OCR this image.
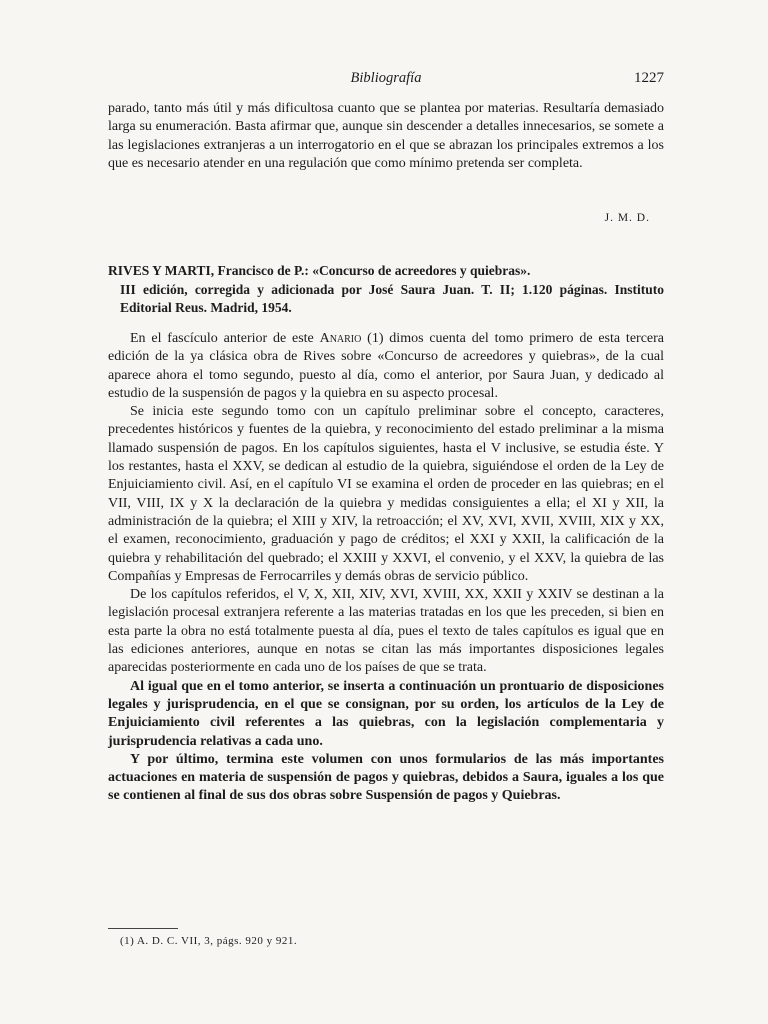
Bibliografía	1227

parado, tanto más útil y más dificultosa cuanto que se plantea por materias. Resultaría demasiado larga su enumeración. Basta afirmar que, aunque sin descender a detalles innecesarios, se somete a las legislaciones extranjeras a un interrogatorio en el que se abrazan los principales extremos a los que es necesario atender en una regulación que como mínimo pretenda ser completa.

J. M. D.
RIVES Y MARTI, Francisco de P.: «Concurso de acreedores y quiebras».
III edición, corregida y adicionada por José Saura Juan. T. II; 1.120 páginas. Instituto Editorial Reus. Madrid, 1954.

En el fascículo anterior de este Anario (1) dimos cuenta del tomo primero de esta tercera edición de la ya clásica obra de Rives sobre «Concurso de acreedores y quiebras», de la cual aparece ahora el tomo segundo, puesto al día, como el anterior, por Saura Juan, y dedicado al estudio de la suspensión de pagos y la quiebra en su aspecto procesal.

Se inicia este segundo tomo con un capítulo preliminar sobre el concepto, caracteres, precedentes históricos y fuentes de la quiebra, y reconocimiento del estado preliminar a la misma llamado suspensión de pagos. En los capítulos siguientes, hasta el V inclusive, se estudia éste. Y los restantes, hasta el XXV, se dedican al estudio de la quiebra, siguiéndose el orden de la Ley de Enjuiciamiento civil. Así, en el capítulo VI se examina el orden de proceder en las quiebras; en el VII, VIII, IX y X la declaración de la quiebra y medidas consiguientes a ella; el XI y XII, la administración de la quiebra; el XIII y XIV, la retroacción; el XV, XVI, XVII, XVIII, XIX y XX, el examen, reconocimiento, graduación y pago de créditos; el XXI y XXII, la calificación de la quiebra y rehabilitación del quebrado; el XXIII y XXVI, el convenio, y el XXV, la quiebra de las Compañías y Empresas de Ferrocarriles y demás obras de servicio público.

De los capítulos referidos, el V, X, XII, XIV, XVI, XVIII, XX, XXII y XXIV se destinan a la legislación procesal extranjera referente a las materias tratadas en los que les preceden, si bien en esta parte la obra no está totalmente puesta al día, pues el texto de tales capítulos es igual que en las ediciones anteriores, aunque en notas se citan las más importantes disposiciones legales aparecidas posteriormente en cada uno de los países de que se trata.

Al igual que en el tomo anterior, se inserta a continuación un prontuario de disposiciones legales y jurisprudencia, en el que se consignan, por su orden, los artículos de la Ley de Enjuiciamiento civil referentes a las quiebras, con la legislación complementaria y jurisprudencia relativas a cada uno.

Y por último, termina este volumen con unos formularios de las más importantes actuaciones en materia de suspensión de pagos y quiebras, debidos a Saura, iguales a los que se contienen al final de sus dos obras sobre Suspensión de pagos y Quiebras.

(1) A. D. C. VII, 3, págs. 920 y 921.
